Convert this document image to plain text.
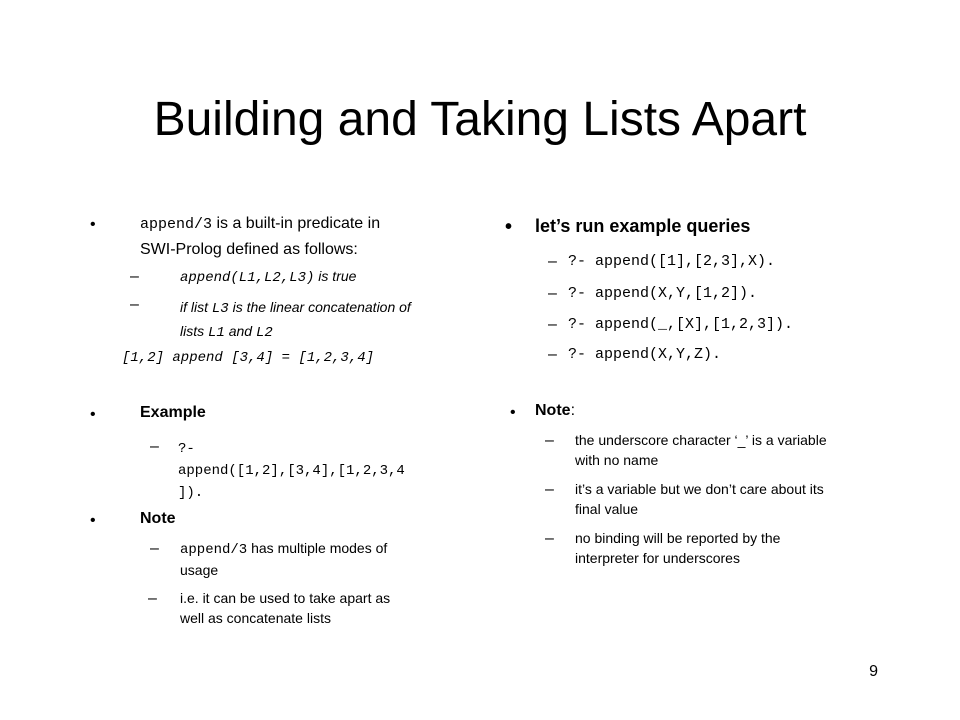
Building and Taking Lists Apart
•	append/3 is a built-in predicate in
SWI-Prolog defined as follows:
–	append(L1,L2,L3) is true
–	if list L3 is the linear concatenation of
lists L1 and L2
[1,2] append [3,4] = [1,2,3,4]
•	Example
– ?-
append([1,2],[3,4],[1,2,3,4
]).
•	Note
– append/3 has multiple modes of
usage
– i.e. it can be used to take apart as
well as concatenate lists
• let’s run example queries
– ?- append([1],[2,3],X).
– ?- append(X,Y,[1,2]).
– ?- append(_,[X],[1,2,3]).
– ?- append(X,Y,Z).
• Note:
– the underscore character ‘_’ is a variable
with no name
– it’s a variable but we don’t care about its
final value
– no binding will be reported by the
interpreter for underscores
9
